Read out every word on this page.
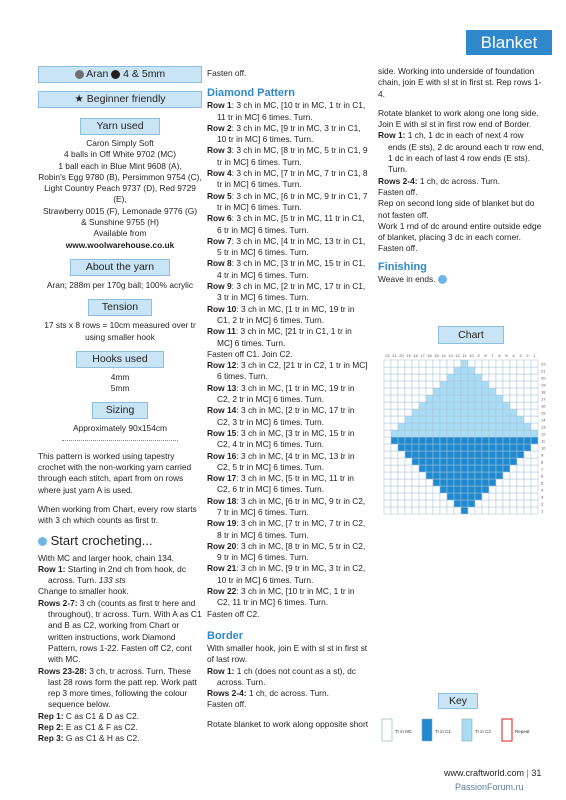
Blanket
Aran 4 & 5mm
★ Beginner friendly
Yarn used

Caron Simply Soft

4 balls in Off White 9702 (MC)

1 ball each in Blue Mint 9608 (A),

Robin's Egg 9780 (B), Persimmon 9754 (C),

Light Country Peach 9737 (D), Red 9729 (E),

Strawberry 0015 (F), Lemonade 9776 (G)

& Sunshine 9755 (H)

Available from

www.woolwarehouse.co.uk

About the yarn

Aran; 288m per 170g ball; 100% acrylic

Tension

17 sts x 8 rows = 10cm measured over tr

using smaller hook

Hooks used

4mm

5mm

Sizing

Approximately 90x154cm

This pattern is worked using tapestry crochet with the non-working yarn carried through each stitch, apart from on rows where just yarn A is used.

When working from Chart, every row starts with 3 ch which counts as first tr.

Start crocheting...

With MC and larger hook, chain 134.

Row 1: Starting in 2nd ch from hook, dc across. Turn. 133 sts

Change to smaller hook.

Rows 2-7: 3 ch (counts as first tr here and throughout), tr across. Turn. With A as C1 and B as C2, working from Chart or written instructions, work Diamond Pattern, rows 1-22. Fasten off C2, cont with MC.

Rows 23-28: 3 ch, tr across. Turn. These last 28 rows form the patt rep. Work patt rep 3 more times, following the colour sequence below.

Rep 1: C as C1 & D as C2.

Rep 2: E as C1 & F as C2.

Rep 3: G as C1 & H as C2.

Fasten off.

Diamond Pattern

Row 1: 3 ch in MC, [10 tr in MC, 1 tr in C1, 11 tr in MC] 6 times. Turn.

Row 2: 3 ch in MC, [9 tr in MC, 3 tr in C1, 10 tr in MC] 6 times. Turn.

Row 3: 3 ch in MC, [8 tr in MC, 5 tr in C1, 9 tr in MC] 6 times. Turn.

Row 4: 3 ch in MC, [7 tr in MC, 7 tr in C1, 8 tr in MC] 6 times. Turn.

Row 5: 3 ch in MC, [6 tr in MC, 9 tr in C1, 7 tr in MC] 6 times. Turn.

Row 6: 3 ch in MC, [5 tr in MC, 11 tr in C1, 6 tr in MC] 6 times. Turn.

Row 7: 3 ch in MC, [4 tr in MC, 13 tr in C1, 5 tr in MC] 6 times. Turn.

Row 8: 3 ch in MC, [3 tr in MC, 15 tr in C1, 4 tr in MC] 6 times. Turn.

Row 9: 3 ch in MC, [2 tr in MC, 17 tr in C1, 3 tr in MC] 6 times. Turn.

Row 10: 3 ch in MC, [1 tr in MC, 19 tr in C1, 2 tr in MC] 6 times. Turn.

Row 11: 3 ch in MC, [21 tr in C1, 1 tr in MC] 6 times. Turn.

Fasten off C1. Join C2.

Row 12: 3 ch in C2, [21 tr in C2, 1 tr in MC] 6 times. Turn.

Row 13: 3 ch in MC, [1 tr in MC, 19 tr in C2, 2 tr in MC] 6 times. Turn.

Row 14: 3 ch in MC, [2 tr in MC, 17 tr in C2, 3 tr in MC] 6 times. Turn.

Row 15: 3 ch in MC, [3 tr in MC, 15 tr in C2, 4 tr in MC] 6 times. Turn.

Row 16: 3 ch in MC, [4 tr in MC, 13 tr in C2, 5 tr in MC] 6 times. Turn.

Row 17: 3 ch in MC, [5 tr in MC, 11 tr in C2, 6 tr in MC] 6 times. Turn.

Row 18: 3 ch in MC, [6 tr in MC, 9 tr in C2, 7 tr in MC] 6 times. Turn.

Row 19: 3 ch in MC, [7 tr in MC, 7 tr in C2, 8 tr in MC] 6 times. Turn.

Row 20: 3 ch in MC, [8 tr in MC, 5 tr in C2, 9 tr in MC] 6 times. Turn.

Row 21: 3 ch in MC, [9 tr in MC, 3 tr in C2, 10 tr in MC] 6 times. Turn.

Row 22: 3 ch in MC, [10 tr in MC, 1 tr in C2, 11 tr in MC] 6 times. Turn.

Fasten off C2.

Border

With smaller hook, join E with sl st in first st of last row.

Row 1: 1 ch (does not count as a st), dc across. Turn.

Rows 2-4: 1 ch, dc across. Turn.

Fasten off.

Rotate blanket to work along opposite short

side. Working into underside of foundation chain, join E with sl st in first st. Rep rows 1-4.

Rotate blanket to work along one long side. Join E with sl st in first row end of Border.

Row 1: 1 ch, 1 dc in each of next 4 row ends (E sts), 2 dc around each tr row end, 1 dc in each of last 4 row ends (E sts). Turn.

Rows 2-4: 1 ch, dc across. Turn.

Fasten off.

Rep on second long side of blanket but do not fasten off.

Work 1 rnd of dc around entire outside edge of blanket, placing 3 dc in each corner. Fasten off.

Finishing

Weave in ends.

Chart
1
2
3
4
5
6
7
8
9
10
11
12
13
14
15
16
17
18
19
20
21
22
22 21 20 19 18 17 16 15 14 13 12 11 10 9 8 7 6 5 4 3 2 1
Key
Tr in MC	Tr in C1	Tr in C2	Repeat
www.craftworld.com | 31
PassionForum.ru
